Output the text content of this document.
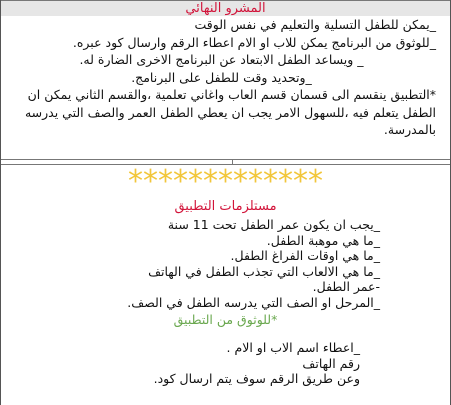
المشرو النهائي

_يمكن للطفل التسلية والتعليم في نفس الوقت

_للوثوق من البرنامج يمكن للاب او الام اعطاء الرقم وارسال كود عبره.

_ ويساعد الطفل الابتعاد عن البرنامج الاخرى الضارة له.

_وتحديد وقت للطفل على البرنامج.

*التطبيق ينقسم الى قسمان قسم العاب واغاني تعلمية ،والقسم الثاني يمكن ان الطفل يتعلم فيه ،للسهول الامر يجب ان يعطي الطفل العمر والصف التي يدرسه بالمدرسة.

*************
مستلزمات التطبيق

_يجب ان يكون عمر الطفل تحت 11 سنة

_ما هي موهبة الطفل.

_ما هي اوقات الفراغ الطفل.

_ما هي الالعاب التي تجذب الطفل في الهاتف

-عمر الطفل.

_المرحل او الصف التي يدرسه الطفل في الصف.

*للوثوق من التطبيق

_اعطاء اسم الاب او الام .

رقم الهاتف

وعن طريق الرقم سوف يتم ارسال كود.
